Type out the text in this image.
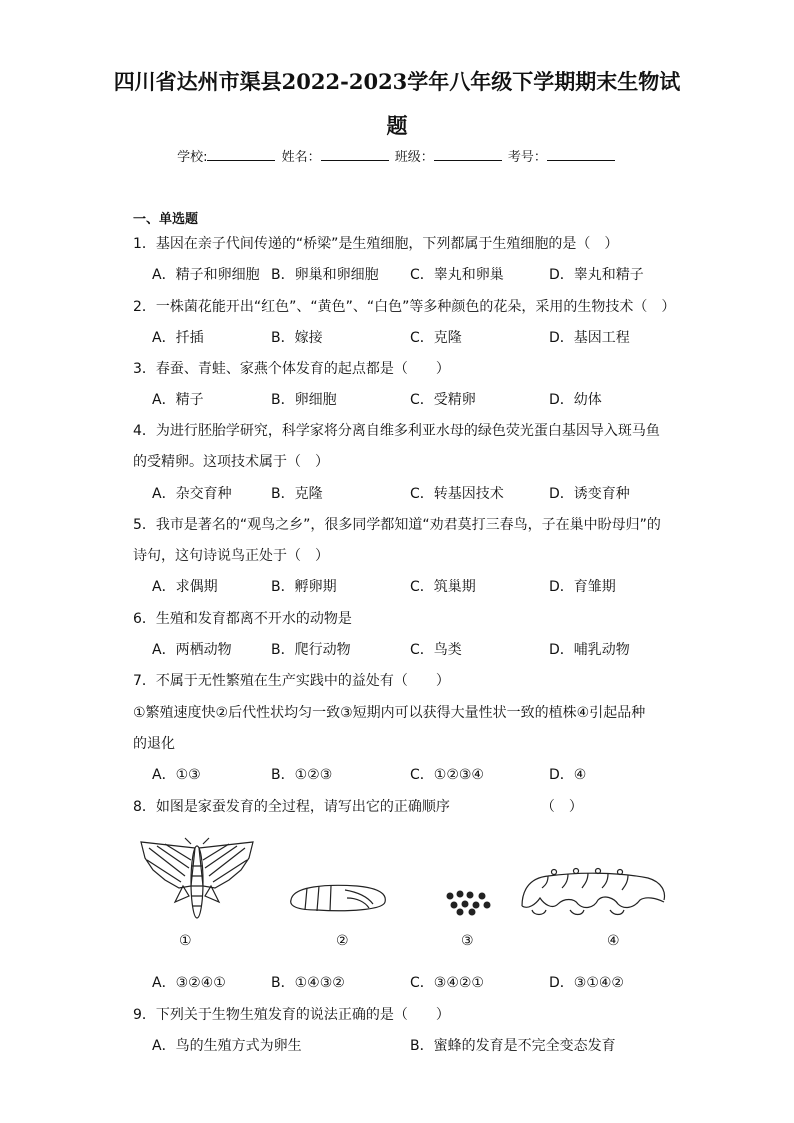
四川省达州市渠县2022-2023学年八年级下学期期末生物试
题
学校:	姓名：	班级：	考号：
一、单选题
1．基因在亲子代间传递的“桥梁”是生殖细胞，下列都属于生殖细胞的是（　）
A．精子和卵细胞 B．卵巢和卵细胞 C．睾丸和卵巢	D．睾丸和精子
2．一株菌花能开出“红色”、“黄色”、“白色”等多种颜色的花朵，采用的生物技术（　）
A．扦插	B．嫁接	C．克隆	D．基因工程
3．春蚕、青蛙、家燕个体发育的起点都是（　　）
A．精子	B．卵细胞	C．受精卵	D．幼体
4．为进行胚胎学研究，科学家将分离自维多利亚水母的绿色荧光蛋白基因导入斑马鱼
的受精卵。这项技术属于（　）
A．杂交育种	B．克隆	C．转基因技术	D．诱变育种
5．我市是著名的“观鸟之乡”，很多同学都知道“劝君莫打三春鸟，子在巢中盼母归”的
诗句，这句诗说鸟正处于（　）
A．求偶期	B．孵卵期	C．筑巢期	D．育雏期
6．生殖和发育都离不开水的动物是
A．两栖动物	B．爬行动物	C．鸟类	D．哺乳动物
7．不属于无性繁殖在生产实践中的益处有（　　）
①繁殖速度快②后代性状均匀一致③短期内可以获得大量性状一致的植株④引起品种
的退化
A．①③	B．①②③	C．①②③④	D．④
8．如图是家蚕发育的全过程，请写出它的正确顺序　　　　　　　（　）
①	②	③	④
A．③②④①	B．①④③②	C．③④②①	D．③①④②
9．下列关于生物生殖发育的说法正确的是（　　）
A．鸟的生殖方式为卵生	B．蜜蜂的发育是不完全变态发育
